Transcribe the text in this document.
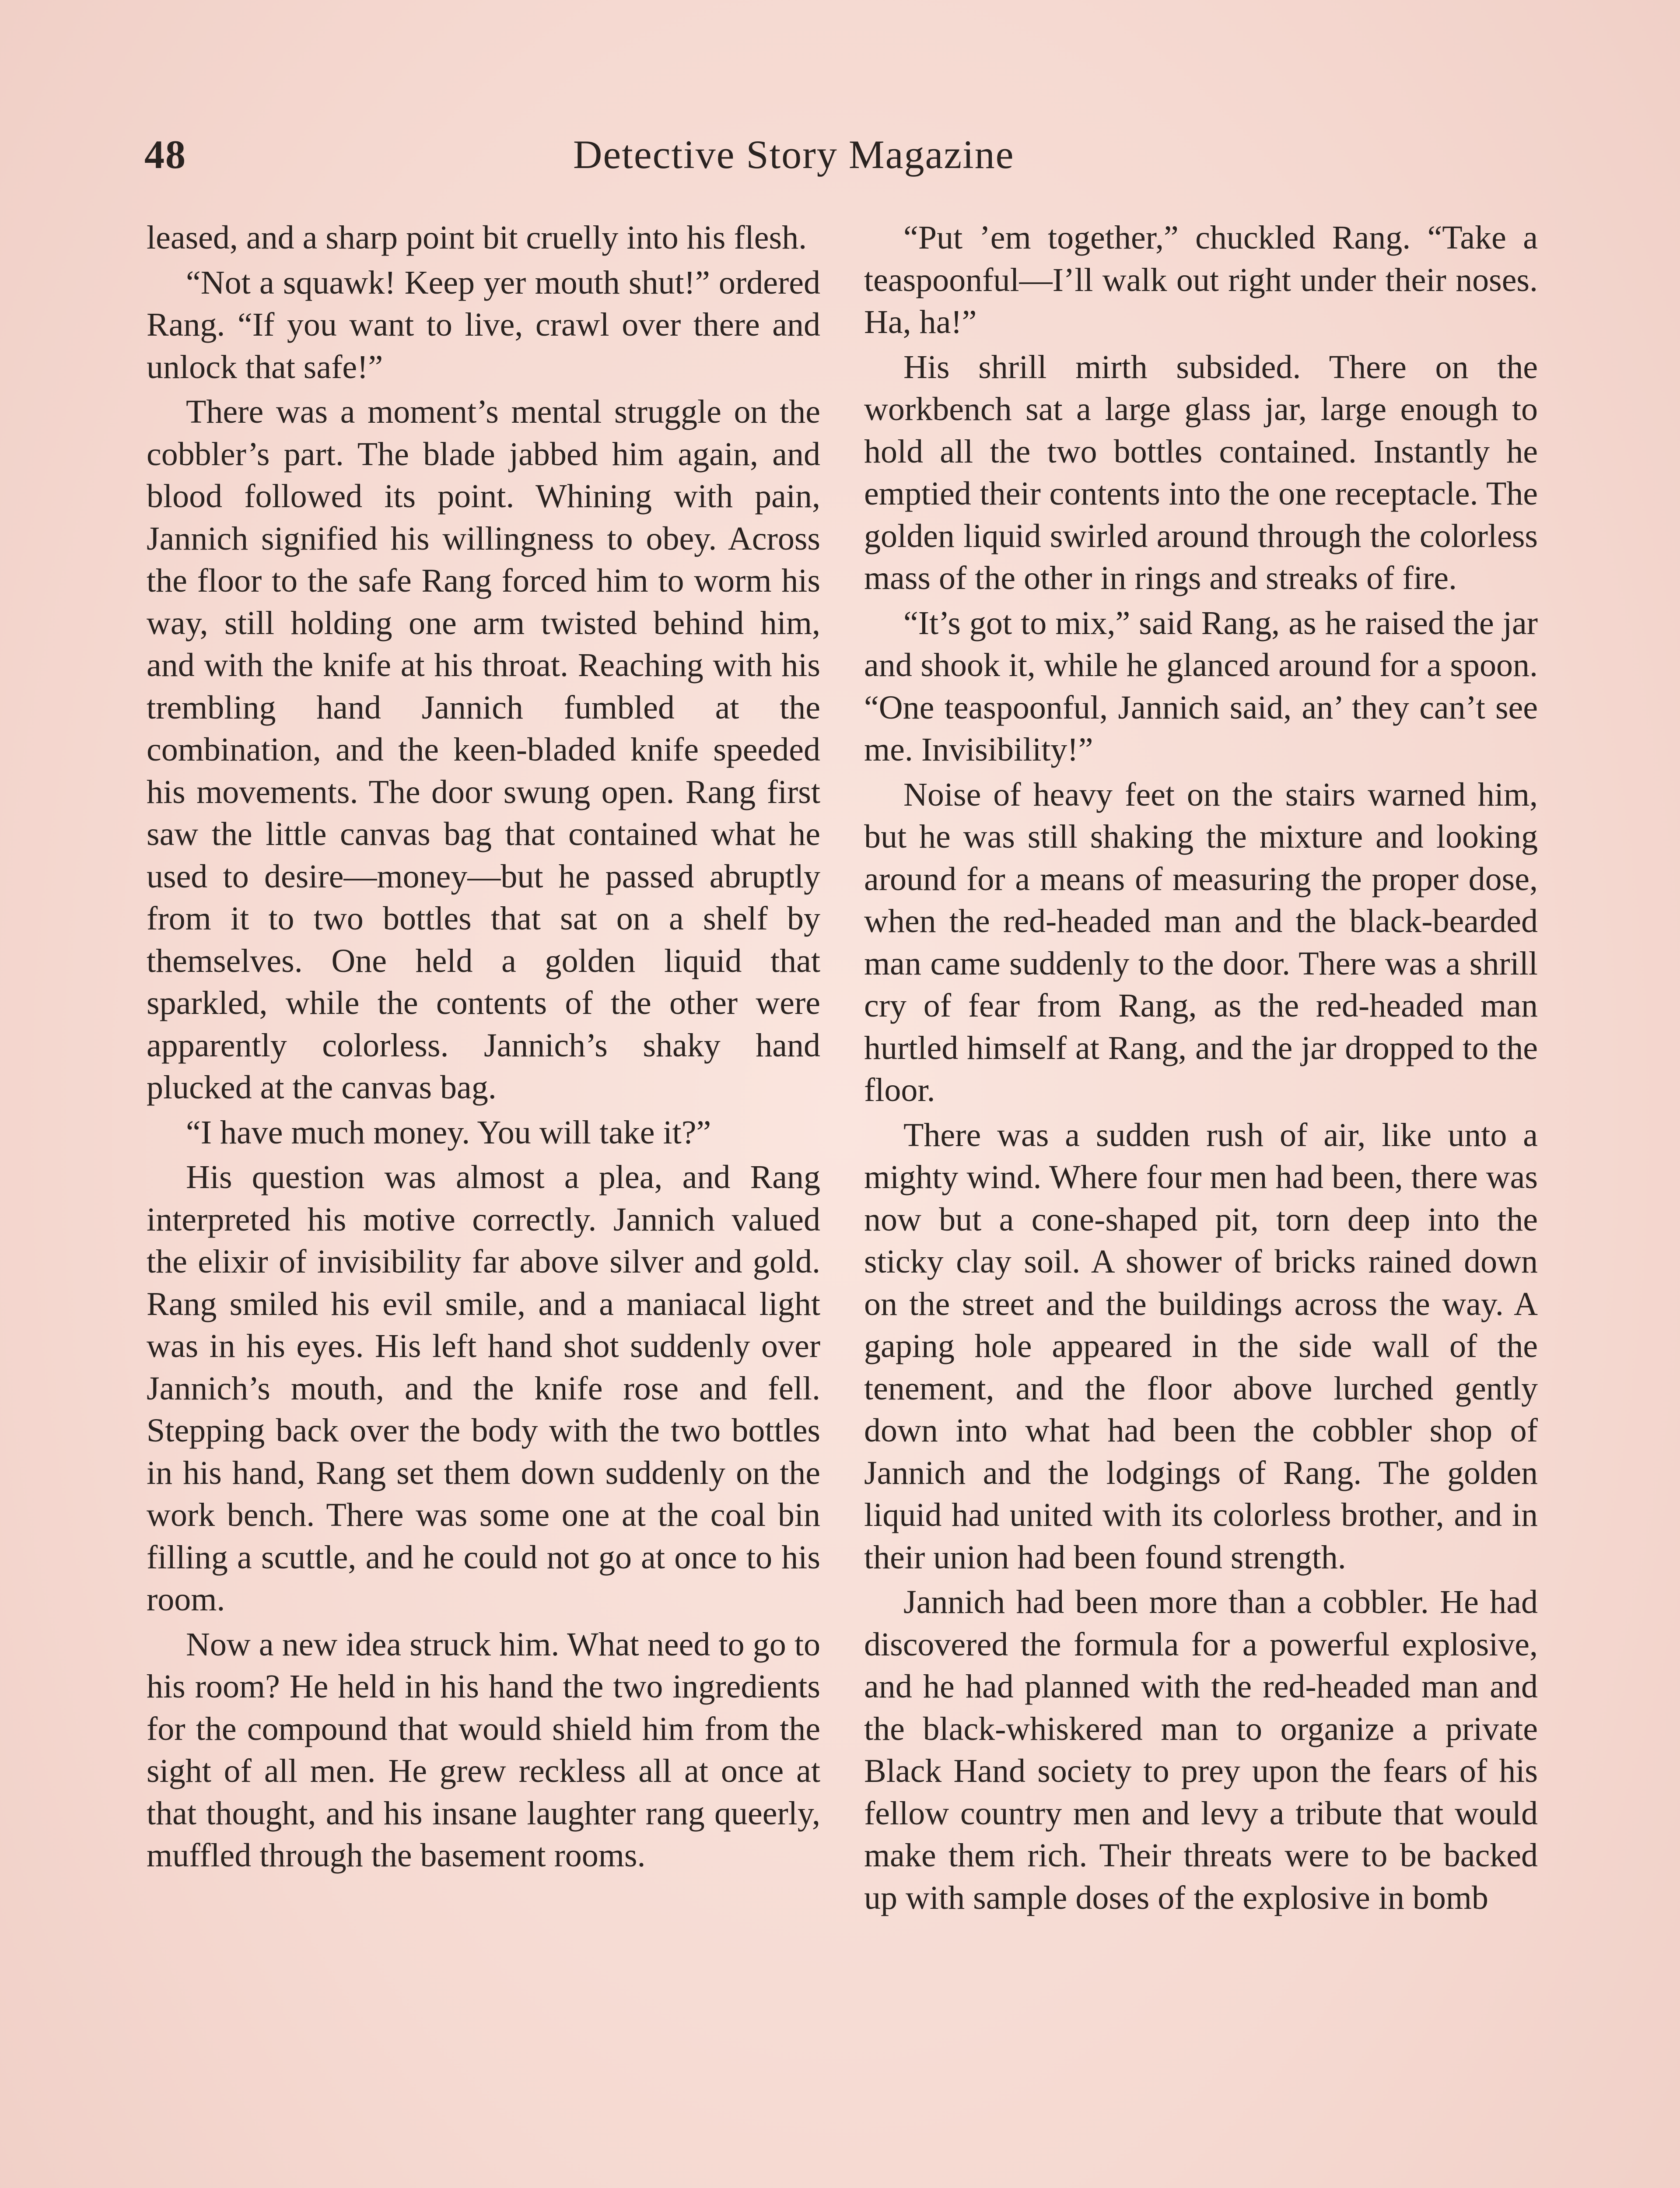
48	Detective Story Magazine

leased, and a sharp point bit cruelly into his flesh.

“Not a squawk! Keep yer mouth shut!” ordered Rang. “If you want to live, crawl over there and unlock that safe!”

There was a moment’s mental struggle on the cobbler’s part. The blade jabbed him again, and blood followed its point. Whining with pain, Jannich signified his willingness to obey. Across the floor to the safe Rang forced him to worm his way, still holding one arm twisted behind him, and with the knife at his throat. Reaching with his trembling hand Jannich fumbled at the combination, and the keen-bladed knife speeded his movements. The door swung open. Rang first saw the little canvas bag that contained what he used to desire—money—but he passed abruptly from it to two bottles that sat on a shelf by themselves. One held a golden liquid that sparkled, while the contents of the other were apparently colorless. Jannich’s shaky hand plucked at the canvas bag.

“I have much money. You will take it?”

His question was almost a plea, and Rang interpreted his motive correctly. Jannich valued the elixir of invisibility far above silver and gold. Rang smiled his evil smile, and a maniacal light was in his eyes. His left hand shot suddenly over Jannich’s mouth, and the knife rose and fell. Stepping back over the body with the two bottles in his hand, Rang set them down suddenly on the work bench. There was some one at the coal bin filling a scuttle, and he could not go at once to his room.

Now a new idea struck him. What need to go to his room? He held in his hand the two ingredients for the compound that would shield him from the sight of all men. He grew reckless all at once at that thought, and his insane laughter rang queerly, muffled through the basement rooms.

“Put ’em together,” chuckled Rang. “Take a teaspoonful—I’ll walk out right under their noses. Ha, ha!”

His shrill mirth subsided. There on the workbench sat a large glass jar, large enough to hold all the two bottles contained. Instantly he emptied their contents into the one receptacle. The golden liquid swirled around through the colorless mass of the other in rings and streaks of fire.

“It’s got to mix,” said Rang, as he raised the jar and shook it, while he glanced around for a spoon. “One teaspoonful, Jannich said, an’ they can’t see me. Invisibility!”

Noise of heavy feet on the stairs warned him, but he was still shaking the mixture and looking around for a means of measuring the proper dose, when the red-headed man and the black-bearded man came suddenly to the door. There was a shrill cry of fear from Rang, as the red-headed man hurtled himself at Rang, and the jar dropped to the floor.

There was a sudden rush of air, like unto a mighty wind. Where four men had been, there was now but a cone-shaped pit, torn deep into the sticky clay soil. A shower of bricks rained down on the street and the buildings across the way. A gaping hole appeared in the side wall of the tenement, and the floor above lurched gently down into what had been the cobbler shop of Jannich and the lodgings of Rang. The golden liquid had united with its colorless brother, and in their union had been found strength.

Jannich had been more than a cobbler. He had discovered the formula for a powerful explosive, and he had planned with the red-headed man and the black-whiskered man to organize a private Black Hand society to prey upon the fears of his fellow country men and levy a tribute that would make them rich. Their threats were to be backed up with sample doses of the explosive in bomb
